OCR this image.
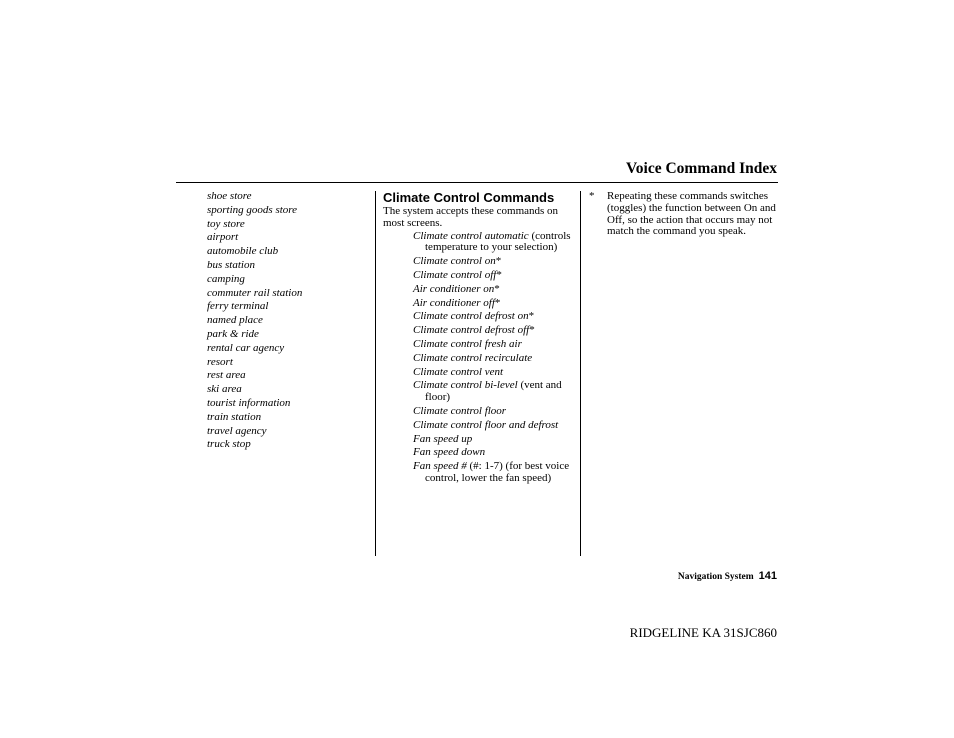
Voice Command Index
shoe store
sporting goods store
toy store
airport
automobile club
bus station
camping
commuter rail station
ferry terminal
named place
park & ride
rental car agency
resort
rest area
ski area
tourist information
train station
travel agency
truck stop
Climate Control Commands
The system accepts these commands on most screens.
Climate control automatic (controls temperature to your selection)
Climate control on*
Climate control off*
Air conditioner on*
Air conditioner off*
Climate control defrost on*
Climate control defrost off*
Climate control fresh air
Climate control recirculate
Climate control vent
Climate control bi-level (vent and floor)
Climate control floor
Climate control floor and defrost
Fan speed up
Fan speed down
Fan speed # (#: 1-7) (for best voice control, lower the fan speed)
* Repeating these commands switches (toggles) the function between On and Off, so the action that occurs may not match the command you speak.
Navigation System 141
RIDGELINE KA 31SJC860
